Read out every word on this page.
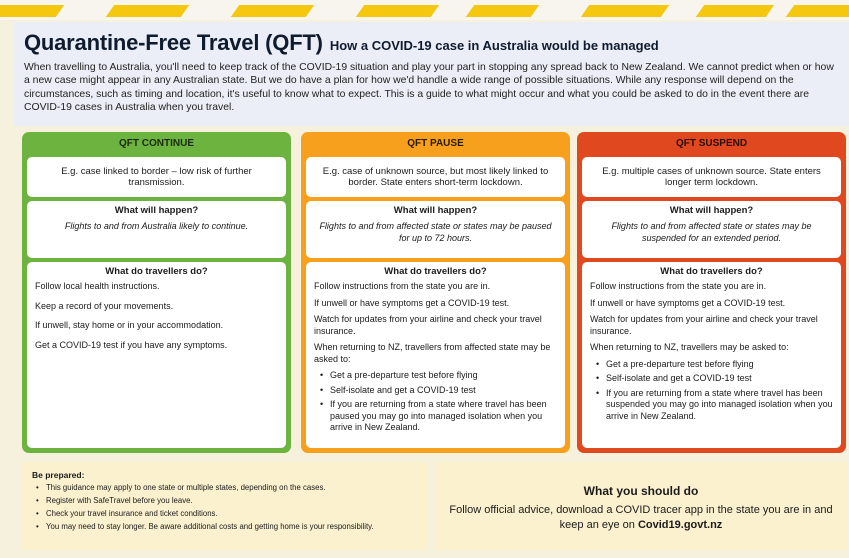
Quarantine-Free Travel (QFT) How a COVID-19 case in Australia would be managed

When travelling to Australia, you'll need to keep track of the COVID-19 situation and play your part in stopping any spread back to New Zealand. We cannot predict when or how a new case might appear in any Australian state. But we do have a plan for how we'd handle a wide range of possible situations. While any response will depend on the circumstances, such as timing and location, it's useful to know what to expect. This is a guide to what might occur and what you could be asked to do in the event there are COVID-19 cases in Australia when you travel.

QFT CONTINUE
E.g. case linked to border – low risk of further transmission.
What will happen?
Flights to and from Australia likely to continue.
What do travellers do?
Follow local health instructions.
Keep a record of your movements.
If unwell, stay home or in your accommodation.
Get a COVID-19 test if you have any symptoms.
QFT PAUSE
E.g. case of unknown source, but most likely linked to border. State enters short-term lockdown.
What will happen?
Flights to and from affected state or states may be paused for up to 72 hours.
What do travellers do?
Follow instructions from the state you are in.
If unwell or have symptoms get a COVID-19 test.
Watch for updates from your airline and check your travel insurance.
When returning to NZ, travellers from affected state may be asked to:
• Get a pre-departure test before flying
• Self-isolate and get a COVID-19 test
• If you are returning from a state where travel has been paused you may go into managed isolation when you arrive in New Zealand.
QFT SUSPEND
E.g. multiple cases of unknown source. State enters longer term lockdown.
What will happen?
Flights to and from affected state or states may be suspended for an extended period.
What do travellers do?
Follow instructions from the state you are in.
If unwell or have symptoms get a COVID-19 test.
Watch for updates from your airline and check your travel insurance.
When returning to NZ, travellers may be asked to:
• Get a pre-departure test before flying
• Self-isolate and get a COVID-19 test
• If you are returning from a state where travel has been suspended you may go into managed isolation when you arrive in New Zealand.
Be prepared:
• This guidance may apply to one state or multiple states, depending on the cases.
• Register with SafeTravel before you leave.
• Check your travel insurance and ticket conditions.
• You may need to stay longer. Be aware additional costs and getting home is your responsibility.
What you should do
Follow official advice, download a COVID tracer app in the state you are in and keep an eye on Covid19.govt.nz
